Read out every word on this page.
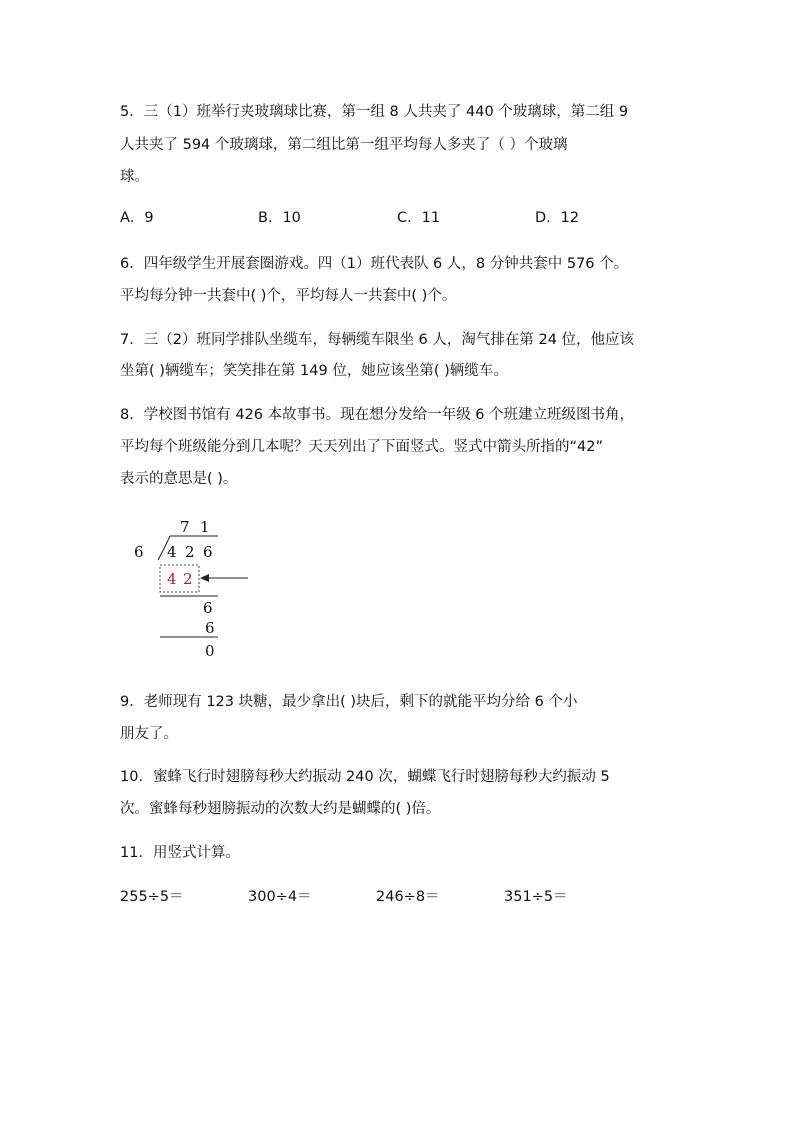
5．三（1）班举行夹玻璃球比赛，第一组 8 人共夹了 440 个玻璃球，第二组 9
人共夹了 594 个玻璃球，第二组比第一组平均每人多夹了（ ）个玻璃
球。
A．9	B．10	C．11	D．12
6．四年级学生开展套圈游戏。四（1）班代表队 6 人，8 分钟共套中 576 个。
平均每分钟一共套中( )个，平均每人一共套中( )个。
7．三（2）班同学排队坐缆车，每辆缆车限坐 6 人，淘气排在第 24 位，他应该
坐第( )辆缆车；笑笑排在第 149 位，她应该坐第( )辆缆车。
8．学校图书馆有 426 本故事书。现在想分发给一年级 6 个班建立班级图书角，
平均每个班级能分到几本呢？天天列出了下面竖式。竖式中箭头所指的“42”
表示的意思是( )。
7 1
6 4 2 6
4 2
6
6
0
9．老师现有 123 块糖，最少拿出( )块后，剩下的就能平均分给 6 个小
朋友了。
10．蜜蜂飞行时翅膀每秒大约振动 240 次，蝴蝶飞行时翅膀每秒大约振动 5
次。蜜蜂每秒翅膀振动的次数大约是蝴蝶的( )倍。
11．用竖式计算。
255÷5＝	300÷4＝	246÷8＝	351÷5＝
